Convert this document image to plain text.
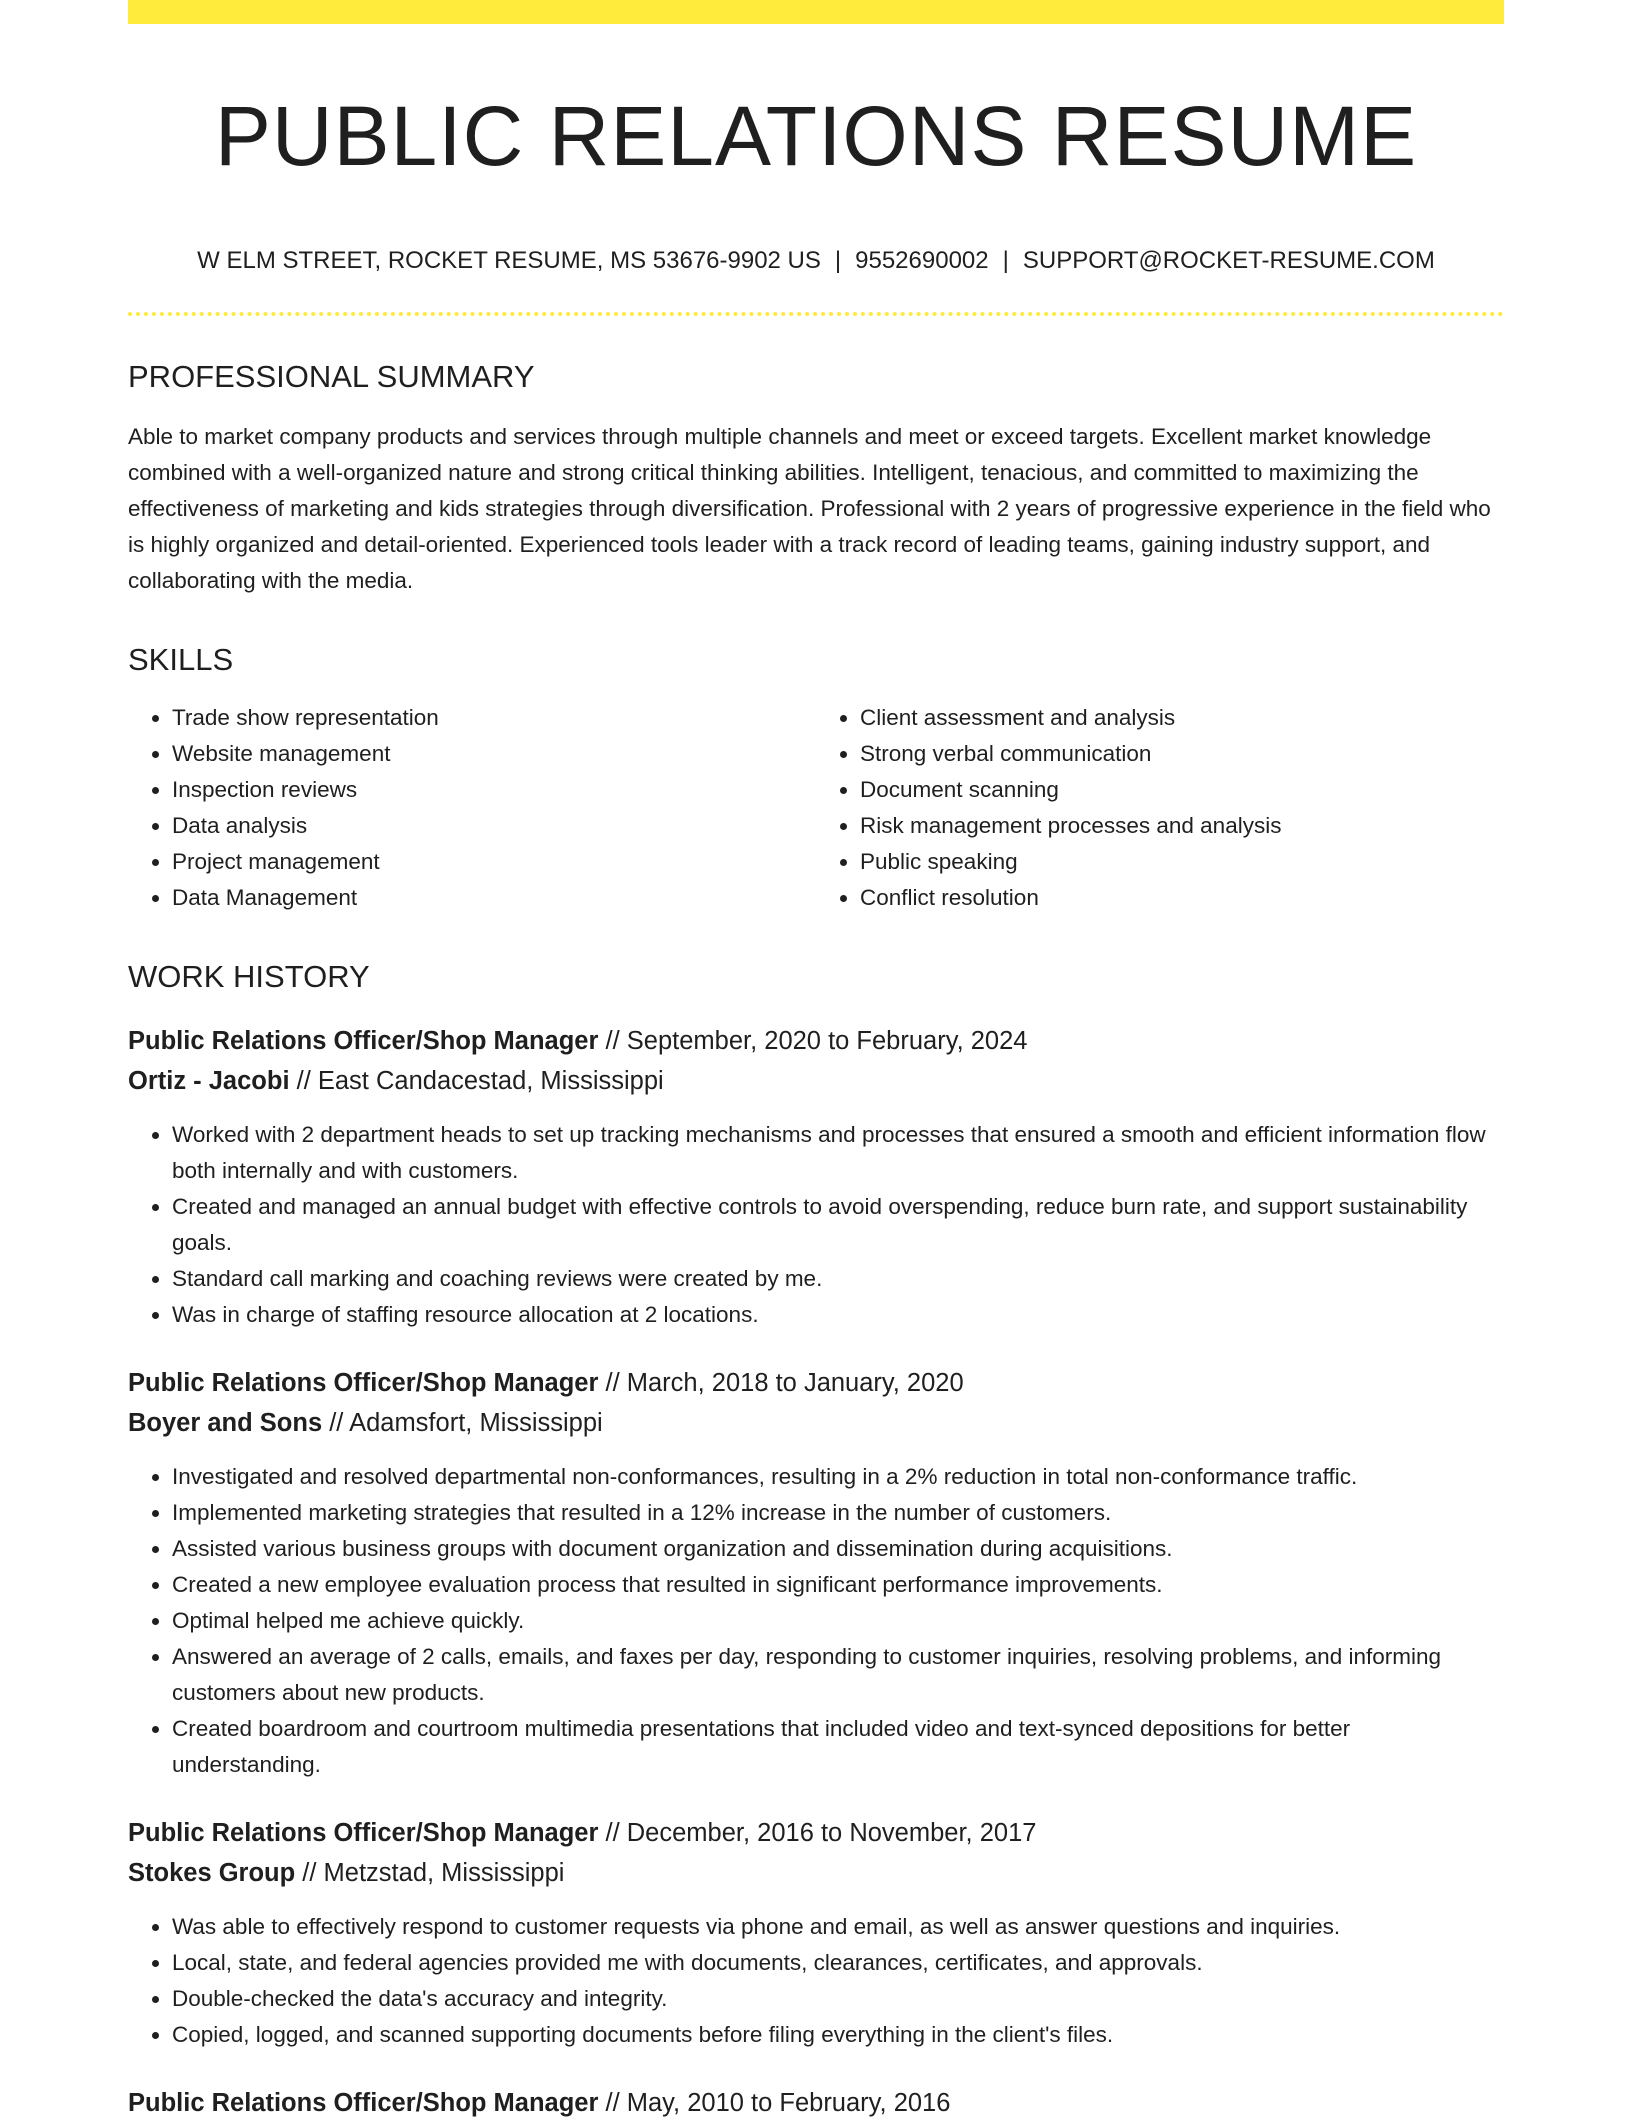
PUBLIC RELATIONS RESUME
W ELM STREET, ROCKET RESUME, MS 53676-9902 US | 9552690002 | SUPPORT@ROCKET-RESUME.COM
PROFESSIONAL SUMMARY

Able to market company products and services through multiple channels and meet or exceed targets. Excellent market knowledge combined with a well-organized nature and strong critical thinking abilities. Intelligent, tenacious, and committed to maximizing the effectiveness of marketing and kids strategies through diversification. Professional with 2 years of progressive experience in the field who is highly organized and detail-oriented. Experienced tools leader with a track record of leading teams, gaining industry support, and collaborating with the media.

SKILLS
• Trade show representation
• Website management
• Inspection reviews
• Data analysis
• Project management
• Data Management
• Client assessment and analysis
• Strong verbal communication
• Document scanning
• Risk management processes and analysis
• Public speaking
• Conflict resolution
WORK HISTORY
Public Relations Officer/Shop Manager // September, 2020 to February, 2024
Ortiz - Jacobi // East Candacestad, Mississippi
• Worked with 2 department heads to set up tracking mechanisms and processes that ensured a smooth and efficient information flow both internally and with customers.
• Created and managed an annual budget with effective controls to avoid overspending, reduce burn rate, and support sustainability goals.
• Standard call marking and coaching reviews were created by me.
• Was in charge of staffing resource allocation at 2 locations.
Public Relations Officer/Shop Manager // March, 2018 to January, 2020
Boyer and Sons // Adamsfort, Mississippi
• Investigated and resolved departmental non-conformances, resulting in a 2% reduction in total non-conformance traffic.
• Implemented marketing strategies that resulted in a 12% increase in the number of customers.
• Assisted various business groups with document organization and dissemination during acquisitions.
• Created a new employee evaluation process that resulted in significant performance improvements.
• Optimal helped me achieve quickly.
• Answered an average of 2 calls, emails, and faxes per day, responding to customer inquiries, resolving problems, and informing customers about new products.
• Created boardroom and courtroom multimedia presentations that included video and text-synced depositions for better understanding.
Public Relations Officer/Shop Manager // December, 2016 to November, 2017
Stokes Group // Metzstad, Mississippi
• Was able to effectively respond to customer requests via phone and email, as well as answer questions and inquiries.
• Local, state, and federal agencies provided me with documents, clearances, certificates, and approvals.
• Double-checked the data's accuracy and integrity.
• Copied, logged, and scanned supporting documents before filing everything in the client's files.
Public Relations Officer/Shop Manager // May, 2010 to February, 2016
